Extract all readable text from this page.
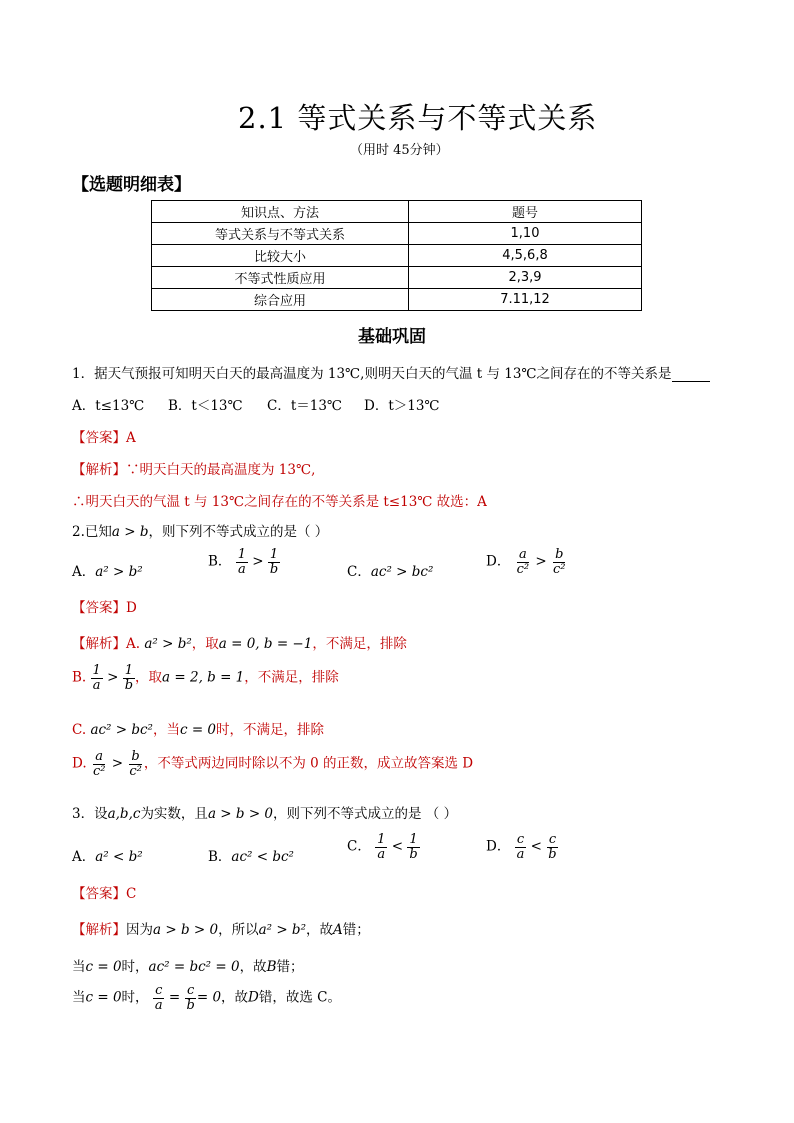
2.1 等式关系与不等式关系
（用时 45分钟）
【选题明细表】
知识点、方法	题号
等式关系与不等式关系	1,10
比较大小	4,5,6,8
不等式性质应用	2,3,9
综合应用	7.11,12
基础巩固
1．据天气预报可知明天白天的最高温度为 13℃,则明天白天的气温 t 与 13℃之间存在的不等关系是
A．t≤13℃ B．t＜13℃ C．t＝13℃ D．t＞13℃
【答案】A
【解析】∵明天白天的最高温度为 13℃,
∴明天白天的气温 t 与 13℃之间存在的不等关系是 t≤13℃ 故选：A
2.已知a > b，则下列不等式成立的是（ ）
A．a² > b²
B． $\frac{1}{a} > \frac{1}{b}$	C．ac² > bc²
D． $\frac{a}{\text{c²}} > \frac{b}{\text{c²}}$
【答案】D
【解析】A. a² > b²，取a = 0, b = −1，不满足，排除
B. $\frac{1}{a} > \frac{1}{b}$ ，取a = 2, b = 1，不满足，排除
C. ac² > bc²，当c = 0时，不满足，排除
D. $\frac{a}{\text{c²}} > \frac{b}{\text{c²}}$ ，不等式两边同时除以不为 0 的正数，成立故答案选 D
3．设a,b,c为实数，且a > b > 0，则下列不等式成立的是 （ ）
A．a² < b²	B．ac² < bc²
C． $\frac{1}{a} < \frac{1}{b}$	D． $\frac{c}{a} < \frac{c}{b}$
【答案】C
【解析】因为a > b > 0，所以a² > b²，故A错；
当c = 0时，ac² = bc² = 0，故B错；
当c = 0时， $\frac{c}{a} = \frac{c}{b} = 0$，故D错，故选 C。
